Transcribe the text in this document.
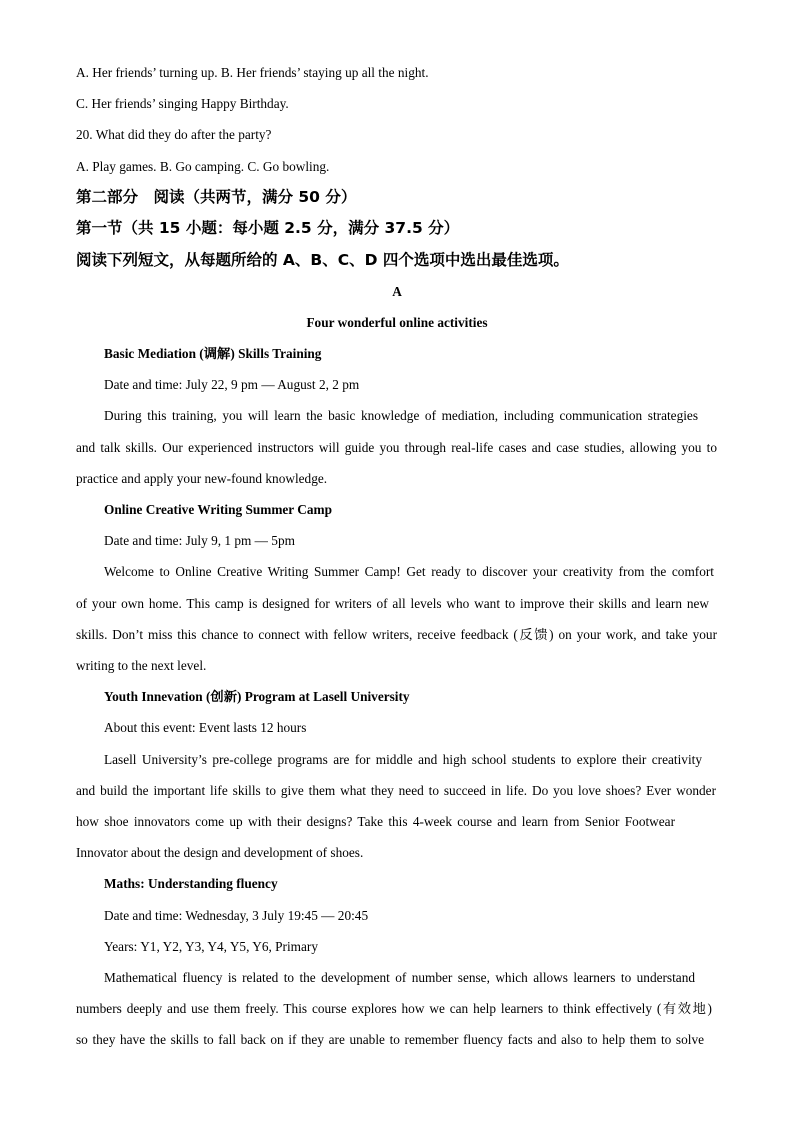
A. Her friends’ turning up. B. Her friends’ staying up all the night.
C. Her friends’ singing Happy Birthday.
20. What did they do after the party?
A. Play games. B. Go camping. C. Go bowling.
第二部分　阅读（共两节，满分 50 分）
第一节（共 15 小题：每小题 2.5 分，满分 37.5 分）
阅读下列短文，从每题所给的 A、B、C、D 四个选项中选出最佳选项。
A
Four wonderful online activities
Basic Mediation (调解) Skills Training
Date and time: July 22, 9 pm — August 2, 2 pm
During this training, you will learn the basic knowledge of mediation, including communication strategies
and talk skills. Our experienced instructors will guide you through real-life cases and case studies, allowing you to
practice and apply your new-found knowledge.
Online Creative Writing Summer Camp
Date and time: July 9, 1 pm — 5pm
Welcome to Online Creative Writing Summer Camp! Get ready to discover your creativity from the comfort
of your own home. This camp is designed for writers of all levels who want to improve their skills and learn new
skills. Don’t miss this chance to connect with fellow writers, receive feedback (反馈) on your work, and take your
writing to the next level.
Youth Innevation (创新) Program at Lasell University
About this event: Event lasts 12 hours
Lasell University’s pre-college programs are for middle and high school students to explore their creativity
and build the important life skills to give them what they need to succeed in life. Do you love shoes? Ever wonder
how shoe innovators come up with their designs? Take this 4-week course and learn from Senior Footwear
Innovator about the design and development of shoes.
Maths: Understanding fluency
Date and time: Wednesday, 3 July 19:45 — 20:45
Years: Y1, Y2, Y3, Y4, Y5, Y6, Primary
Mathematical fluency is related to the development of number sense, which allows learners to understand
numbers deeply and use them freely. This course explores how we can help learners to think effectively (有效地)
so they have the skills to fall back on if they are unable to remember fluency facts and also to help them to solve
